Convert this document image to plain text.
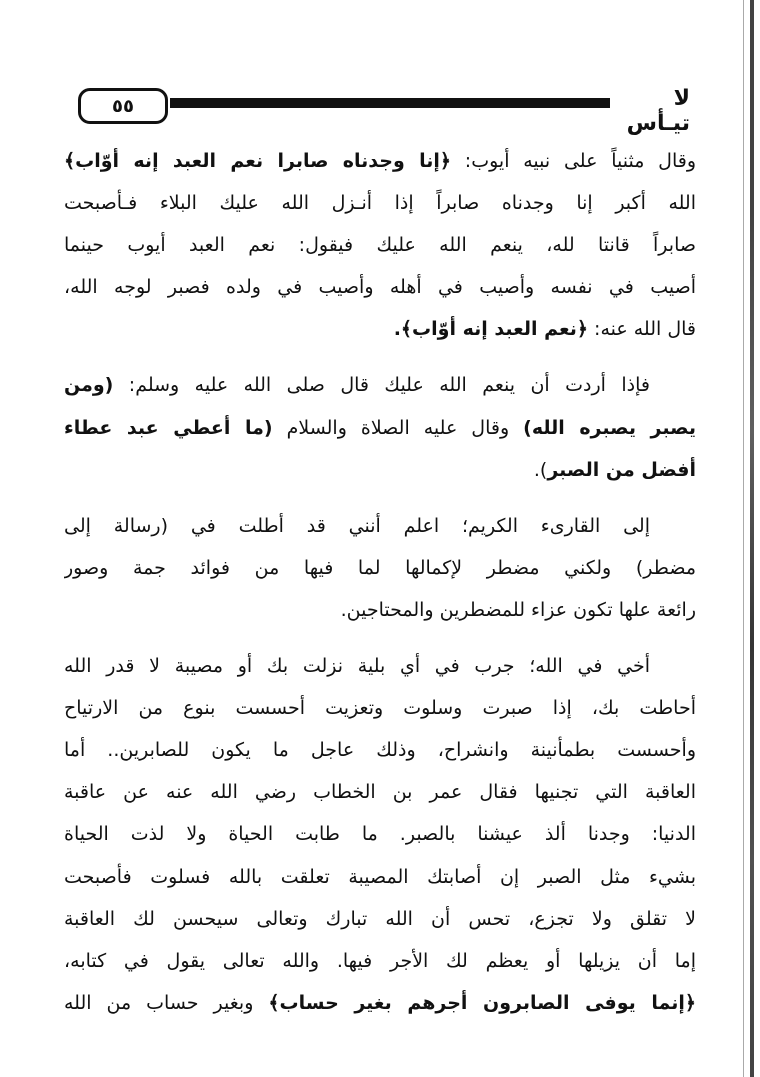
٥٥	لا تيـأس
وقال مثنياً على نبيه أيوب: ﴿إنا وجدناه صابرا نعم العبد إنه أوّاب﴾
الله أكبر إنا وجدناه صابراً إذا أنـزل الله عليك البلاء فـأصبحت
صابراً قانتا لله، ينعم الله عليك فيقول: نعم العبد أيوب حينما
أصيب في نفسه وأصيب في أهله وأصيب في ولده فصبر لوجه الله،
قال الله عنه: ﴿نعم العبد إنه أوّاب﴾.
فإذا أردت أن ينعم الله عليك قال صلى الله عليه وسلم: (ومن
يصبر يصبره الله) وقال عليه الصلاة والسلام (ما أعطي عبد عطاء
أفضل من الصبر).
إلى القارىء الكريم؛ اعلم أنني قد أطلت في (رسالة إلى
مضطر) ولكني مضطر لإكمالها لما فيها من فوائد جمة وصور
رائعة علها تكون عزاء للمضطرين والمحتاجين.
أخي في الله؛ جرب في أي بلية نزلت بك أو مصيبة لا قدر الله
أحاطت بك، إذا صبرت وسلوت وتعزيت أحسست بنوع من الارتياح
وأحسست بطمأنينة وانشراح، وذلك عاجل ما يكون للصابرين.. أما
العاقبة التي تجنيها فقال عمر بن الخطاب رضي الله عنه عن عاقبة
الدنيا: وجدنا ألذ عيشنا بالصبر. ما طابت الحياة ولا لذت الحياة
بشيء مثل الصبر إن أصابتك المصيبة تعلقت بالله فسلوت فأصبحت
لا تقلق ولا تجزع، تحس أن الله تبارك وتعالى سيحسن لك العاقبة
إما أن يزيلها أو يعظم لك الأجر فيها. والله تعالى يقول في كتابه،
﴿إنما يوفى الصابرون أجرهم بغير حساب﴾ وبغير حساب من الله
